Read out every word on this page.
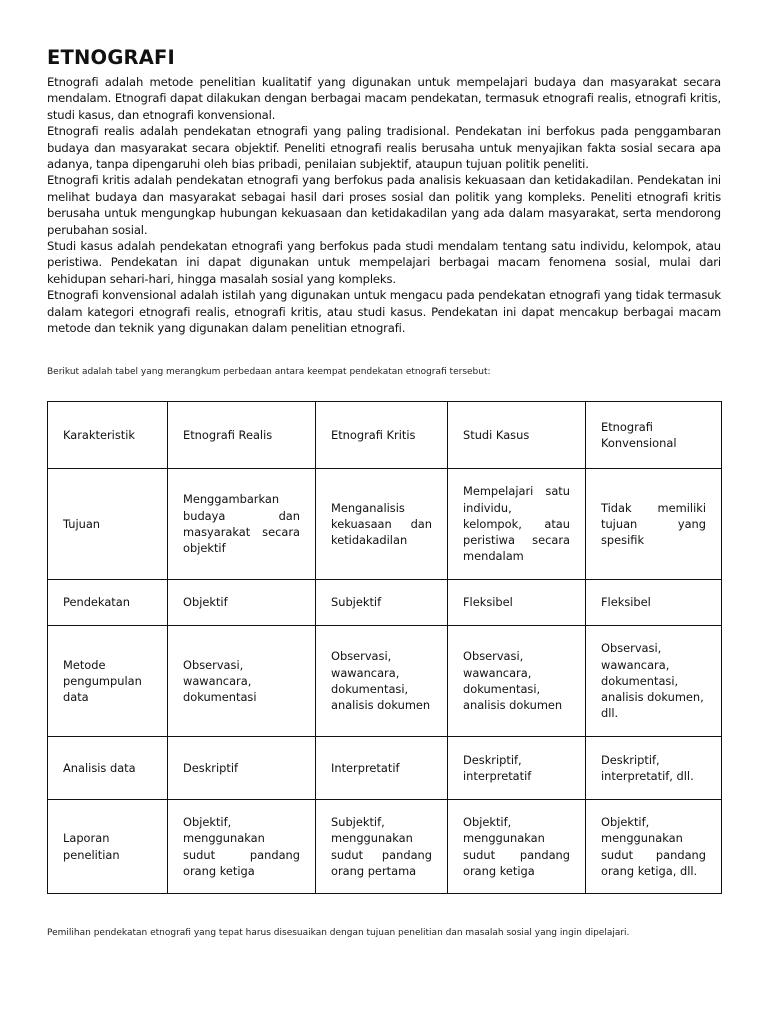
ETNOGRAFI

Etnografi adalah metode penelitian kualitatif yang digunakan untuk mempelajari budaya dan masyarakat secara mendalam. Etnografi dapat dilakukan dengan berbagai macam pendekatan, termasuk etnografi realis, etnografi kritis, studi kasus, dan etnografi konvensional.

Etnografi realis adalah pendekatan etnografi yang paling tradisional. Pendekatan ini berfokus pada penggambaran budaya dan masyarakat secara objektif. Peneliti etnografi realis berusaha untuk menyajikan fakta sosial secara apa adanya, tanpa dipengaruhi oleh bias pribadi, penilaian subjektif, ataupun tujuan politik peneliti.

Etnografi kritis adalah pendekatan etnografi yang berfokus pada analisis kekuasaan dan ketidakadilan. Pendekatan ini melihat budaya dan masyarakat sebagai hasil dari proses sosial dan politik yang kompleks. Peneliti etnografi kritis berusaha untuk mengungkap hubungan kekuasaan dan ketidakadilan yang ada dalam masyarakat, serta mendorong perubahan sosial.

Studi kasus adalah pendekatan etnografi yang berfokus pada studi mendalam tentang satu individu, kelompok, atau peristiwa. Pendekatan ini dapat digunakan untuk mempelajari berbagai macam fenomena sosial, mulai dari kehidupan sehari-hari, hingga masalah sosial yang kompleks.

Etnografi konvensional adalah istilah yang digunakan untuk mengacu pada pendekatan etnografi yang tidak termasuk dalam kategori etnografi realis, etnografi kritis, atau studi kasus. Pendekatan ini dapat mencakup berbagai macam metode dan teknik yang digunakan dalam penelitian etnografi.

Berikut adalah tabel yang merangkum perbedaan antara keempat pendekatan etnografi tersebut:
Karakteristik	Etnografi Realis	Etnografi Kritis	Studi Kasus	Etnografi Konvensional
Tujuan	Menggambarkan budaya dan masyarakat secara objektif	Menganalisis kekuasaan dan ketidakadilan	Mempelajari satu individu, kelompok, atau peristiwa secara mendalam	Tidak memiliki tujuan yang spesifik
Pendekatan	Objektif	Subjektif	Fleksibel	Fleksibel
Metode pengumpulan data	Observasi, wawancara, dokumentasi	Observasi, wawancara, dokumentasi, analisis dokumen	Observasi, wawancara, dokumentasi, analisis dokumen	Observasi, wawancara, dokumentasi, analisis dokumen, dll.
Analisis data	Deskriptif	Interpretatif	Deskriptif, interpretatif	Deskriptif, interpretatif, dll.
Laporan penelitian	Objektif, menggunakan sudut pandang orang ketiga	Subjektif, menggunakan sudut pandang orang pertama	Objektif, menggunakan sudut pandang orang ketiga	Objektif, menggunakan sudut pandang orang ketiga, dll.
Pemilihan pendekatan etnografi yang tepat harus disesuaikan dengan tujuan penelitian dan masalah sosial yang ingin dipelajari.
